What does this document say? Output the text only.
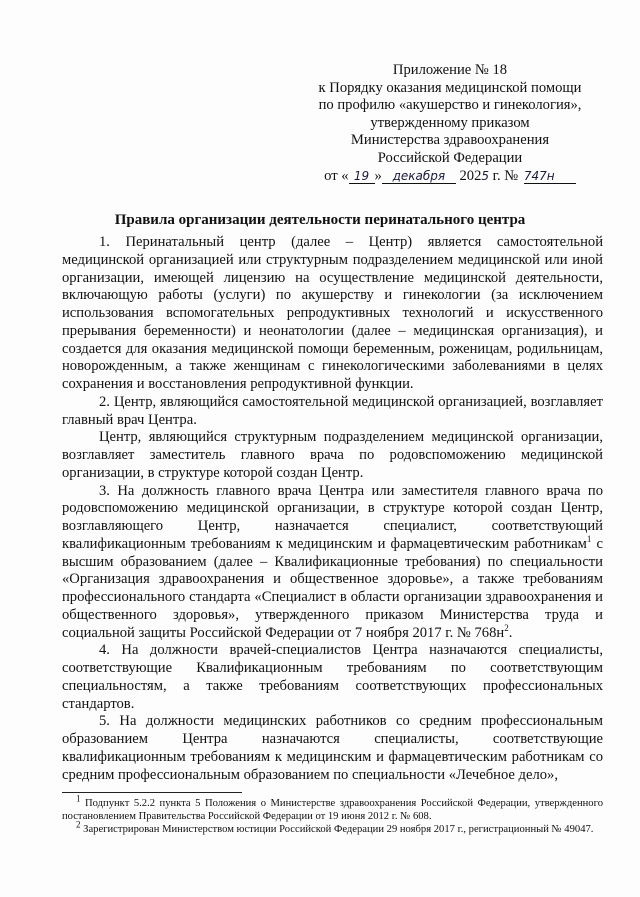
Приложение № 18
к Порядку оказания медицинской помощи
по профилю «акушерство и гинекология»,
утвержденному приказом
Министерства здравоохранения
Российской Федерации
от « 19 » декабря 2025 г. № 747н
Правила организации деятельности перинатального центра

1. Перинатальный центр (далее – Центр) является самостоятельной медицинской организацией или структурным подразделением медицинской или иной организации, имеющей лицензию на осуществление медицинской деятельности, включающую работы (услуги) по акушерству и гинекологии (за исключением использования вспомогательных репродуктивных технологий и искусственного прерывания беременности) и неонатологии (далее – медицинская организация), и создается для оказания медицинской помощи беременным, роженицам, родильницам, новорожденным, а также женщинам с гинекологическими заболеваниями в целях сохранения и восстановления репродуктивной функции.

2. Центр, являющийся самостоятельной медицинской организацией, возглавляет главный врач Центра.

Центр, являющийся структурным подразделением медицинской организации, возглавляет заместитель главного врача по родовспоможению медицинской организации, в структуре которой создан Центр.

3. На должность главного врача Центра или заместителя главного врача по родовспоможению медицинской организации, в структуре которой создан Центр, возглавляющего Центр, назначается специалист, соответствующий квалификационным требованиям к медицинским и фармацевтическим работникам$^1$ с высшим образованием (далее – Квалификационные требования) по специальности «Организация здравоохранения и общественное здоровье», а также требованиям профессионального стандарта «Специалист в области организации здравоохранения и общественного здоровья», утвержденного приказом Министерства труда и социальной защиты Российской Федерации от 7 ноября 2017 г. № $768н^2$.

4. На должности врачей-специалистов Центра назначаются специалисты, соответствующие Квалификационным требованиям по соответствующим специальностям, а также требованиям соответствующих профессиональных стандартов.

5. На должности медицинских работников со средним профессиональным образованием Центра назначаются специалисты, соответствующие квалификационным требованиям к медицинским и фармацевтическим работникам со средним профессиональным образованием по специальности «Лечебное дело»,

$^1$ Подпункт 5.2.2 пункта 5 Положения о Министерстве здравоохранения Российской Федерации, утвержденного постановлением Правительства Российской Федерации от 19 июня 2012 г. № 608.

$^2$ Зарегистрирован Министерством юстиции Российской Федерации 29 ноября 2017 г., регистрационный № 49047.
